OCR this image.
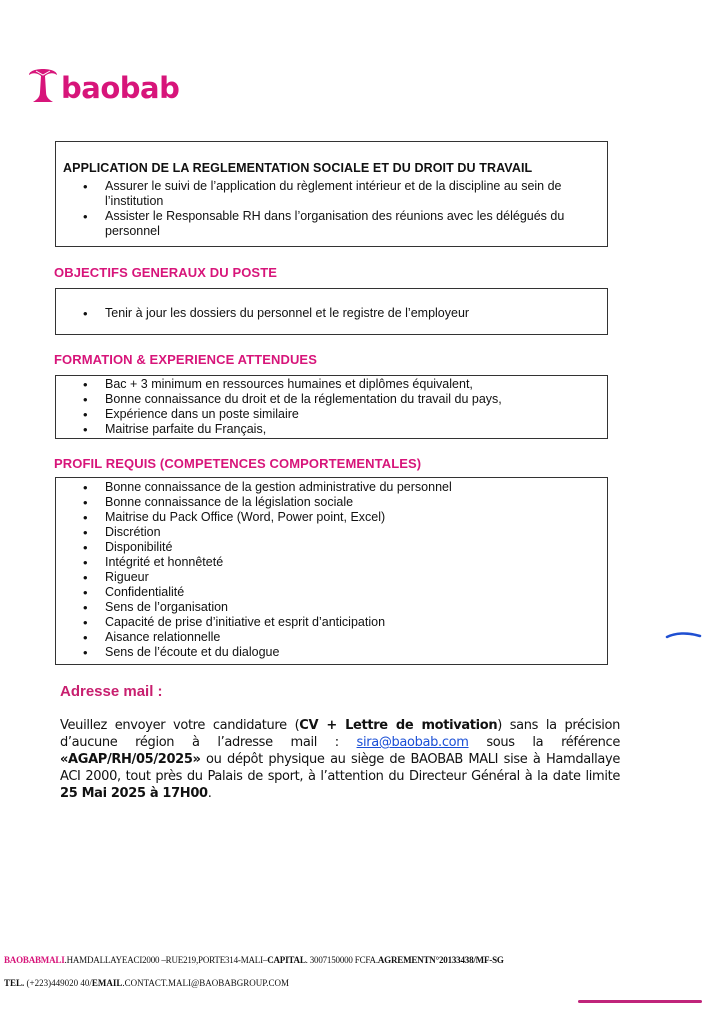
baobab
APPLICATION DE LA REGLEMENTATION SOCIALE ET DU DROIT DU TRAVAIL
• Assurer le suivi de l’application du règlement intérieur et de la discipline au sein de l’institution
• Assister le Responsable RH dans l’organisation des réunions avec les délégués du personnel
OBJECTIFS GENERAUX DU POSTE
• Tenir à jour les dossiers du personnel et le registre de l’employeur
FORMATION & EXPERIENCE ATTENDUES
• Bac + 3 minimum en ressources humaines et diplômes équivalent,
• Bonne connaissance du droit et de la réglementation du travail du pays,
• Expérience dans un poste similaire
• Maitrise parfaite du Français,
PROFIL REQUIS (COMPETENCES COMPORTEMENTALES)
• Bonne connaissance de la gestion administrative du personnel
• Bonne connaissance de la législation sociale
• Maitrise du Pack Office (Word, Power point, Excel)
• Discrétion
• Disponibilité
• Intégrité et honnêteté
• Rigueur
• Confidentialité
• Sens de l’organisation
• Capacité de prise d’initiative et esprit d’anticipation
• Aisance relationnelle
• Sens de l’écoute et du dialogue
Adresse mail :
Veuillez envoyer votre candidature (CV + Lettre de motivation) sans la précision d’aucune région à l’adresse mail : sira@baobab.com sous la référence «AGAP/RH/05/2025» ou dépôt physique au siège de BAOBAB MALI sise à Hamdallaye ACI 2000, tout près du Palais de sport, à l’attention du Directeur Général à la date limite 25 Mai 2025 à 17H00.
BAOBABMALI.HAMDALLAYEACI2000 –RUE219,PORTE314-MALI–CAPITAL. 3007150000 FCFA.AGREMENTN°20133438/MF-SG
TEL. (+223)449020 40/EMAIL.CONTACT.MALI@BAOBABGROUP.COM
